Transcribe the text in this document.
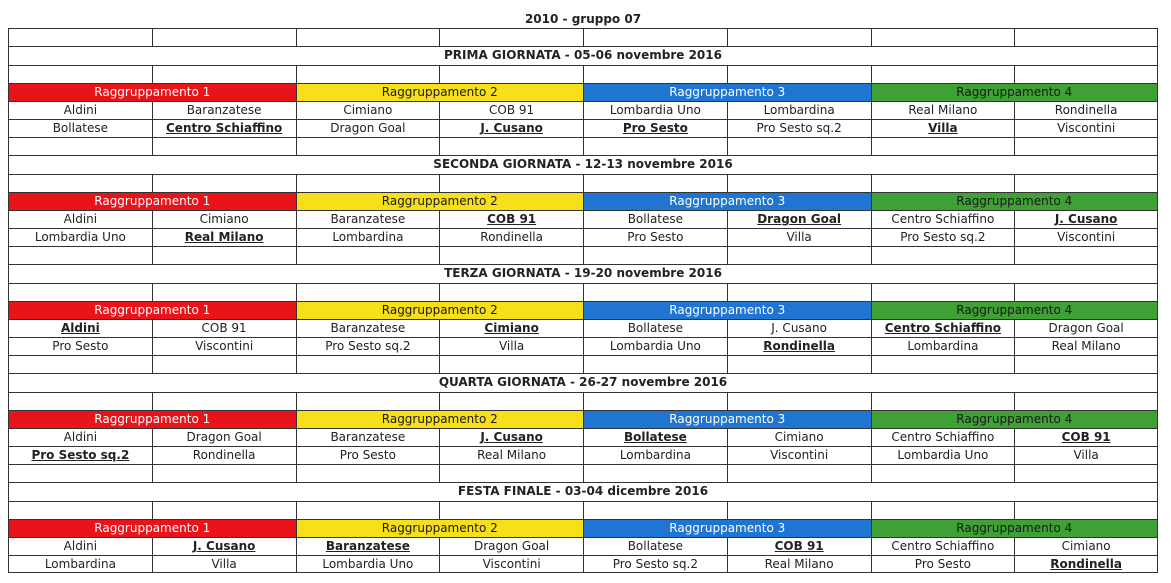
2010 - gruppo 07
PRIMA GIORNATA - 05-06 novembre 2016
Raggruppamento 1	Raggruppamento 2	Raggruppamento 3	Raggruppamento 4
Aldini	Baranzatese	Cimiano	COB 91	Lombardia Uno	Lombardina	Real Milano	Rondinella
Bollatese	Centro Schiaffino	Dragon Goal	J. Cusano	Pro Sesto	Pro Sesto sq.2	Villa	Viscontini
SECONDA GIORNATA - 12-13 novembre 2016
Raggruppamento 1	Raggruppamento 2	Raggruppamento 3	Raggruppamento 4
Aldini	Cimiano	Baranzatese	COB 91	Bollatese	Dragon Goal	Centro Schiaffino	J. Cusano
Lombardia Uno	Real Milano	Lombardina	Rondinella	Pro Sesto	Villa	Pro Sesto sq.2	Viscontini
TERZA GIORNATA - 19-20 novembre 2016
Raggruppamento 1	Raggruppamento 2	Raggruppamento 3	Raggruppamento 4
Aldini	COB 91	Baranzatese	Cimiano	Bollatese	J. Cusano	Centro Schiaffino	Dragon Goal
Pro Sesto	Viscontini	Pro Sesto sq.2	Villa	Lombardia Uno	Rondinella	Lombardina	Real Milano
QUARTA GIORNATA - 26-27 novembre 2016
Raggruppamento 1	Raggruppamento 2	Raggruppamento 3	Raggruppamento 4
Aldini	Dragon Goal	Baranzatese	J. Cusano	Bollatese	Cimiano	Centro Schiaffino	COB 91
Pro Sesto sq.2	Rondinella	Pro Sesto	Real Milano	Lombardina	Viscontini	Lombardia Uno	Villa
FESTA FINALE - 03-04 dicembre 2016
Raggruppamento 1	Raggruppamento 2	Raggruppamento 3	Raggruppamento 4
Aldini	J. Cusano	Baranzatese	Dragon Goal	Bollatese	COB 91	Centro Schiaffino	Cimiano
Lombardina	Villa	Lombardia Uno	Viscontini	Pro Sesto sq.2	Real Milano	Pro Sesto	Rondinella
